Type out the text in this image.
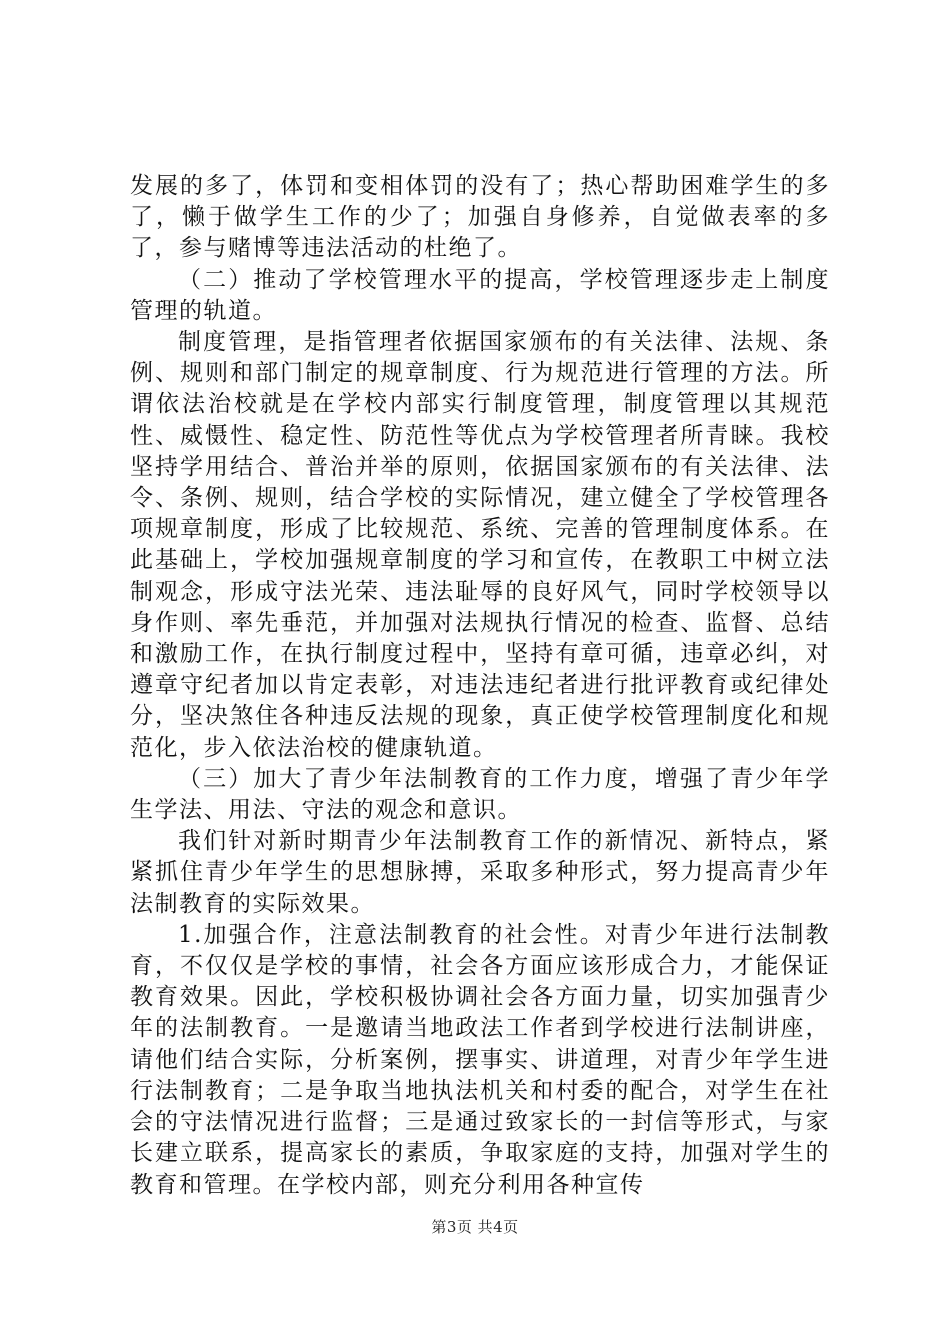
发展的多了，体罚和变相体罚的没有了；热心帮助困难学生的多了，懒于做学生工作的少了；加强自身修养，自觉做表率的多了，参与赌博等违法活动的杜绝了。

（二）推动了学校管理水平的提高，学校管理逐步走上制度管理的轨道。

制度管理，是指管理者依据国家颁布的有关法律、法规、条例、规则和部门制定的规章制度、行为规范进行管理的方法。所谓依法治校就是在学校内部实行制度管理，制度管理以其规范性、威慑性、稳定性、防范性等优点为学校管理者所青睐。我校坚持学用结合、普治并举的原则，依据国家颁布的有关法律、法令、条例、规则，结合学校的实际情况，建立健全了学校管理各项规章制度，形成了比较规范、系统、完善的管理制度体系。在此基础上，学校加强规章制度的学习和宣传，在教职工中树立法制观念，形成守法光荣、违法耻辱的良好风气，同时学校领导以身作则、率先垂范，并加强对法规执行情况的检查、监督、总结和激励工作，在执行制度过程中，坚持有章可循，违章必纠，对遵章守纪者加以肯定表彰，对违法违纪者进行批评教育或纪律处分，坚决煞住各种违反法规的现象，真正使学校管理制度化和规范化，步入依法治校的健康轨道。

（三）加大了青少年法制教育的工作力度，增强了青少年学生学法、用法、守法的观念和意识。

我们针对新时期青少年法制教育工作的新情况、新特点，紧紧抓住青少年学生的思想脉搏，采取多种形式，努力提高青少年法制教育的实际效果。

1.加强合作，注意法制教育的社会性。对青少年进行法制教育，不仅仅是学校的事情，社会各方面应该形成合力，才能保证教育效果。因此，学校积极协调社会各方面力量，切实加强青少年的法制教育。一是邀请当地政法工作者到学校进行法制讲座，请他们结合实际，分析案例，摆事实、讲道理，对青少年学生进行法制教育；二是争取当地执法机关和村委的配合，对学生在社会的守法情况进行监督；三是通过致家长的一封信等形式，与家长建立联系，提高家长的素质，争取家庭的支持，加强对学生的教育和管理。在学校内部，则充分利用各种宣传

第3页 共4页
